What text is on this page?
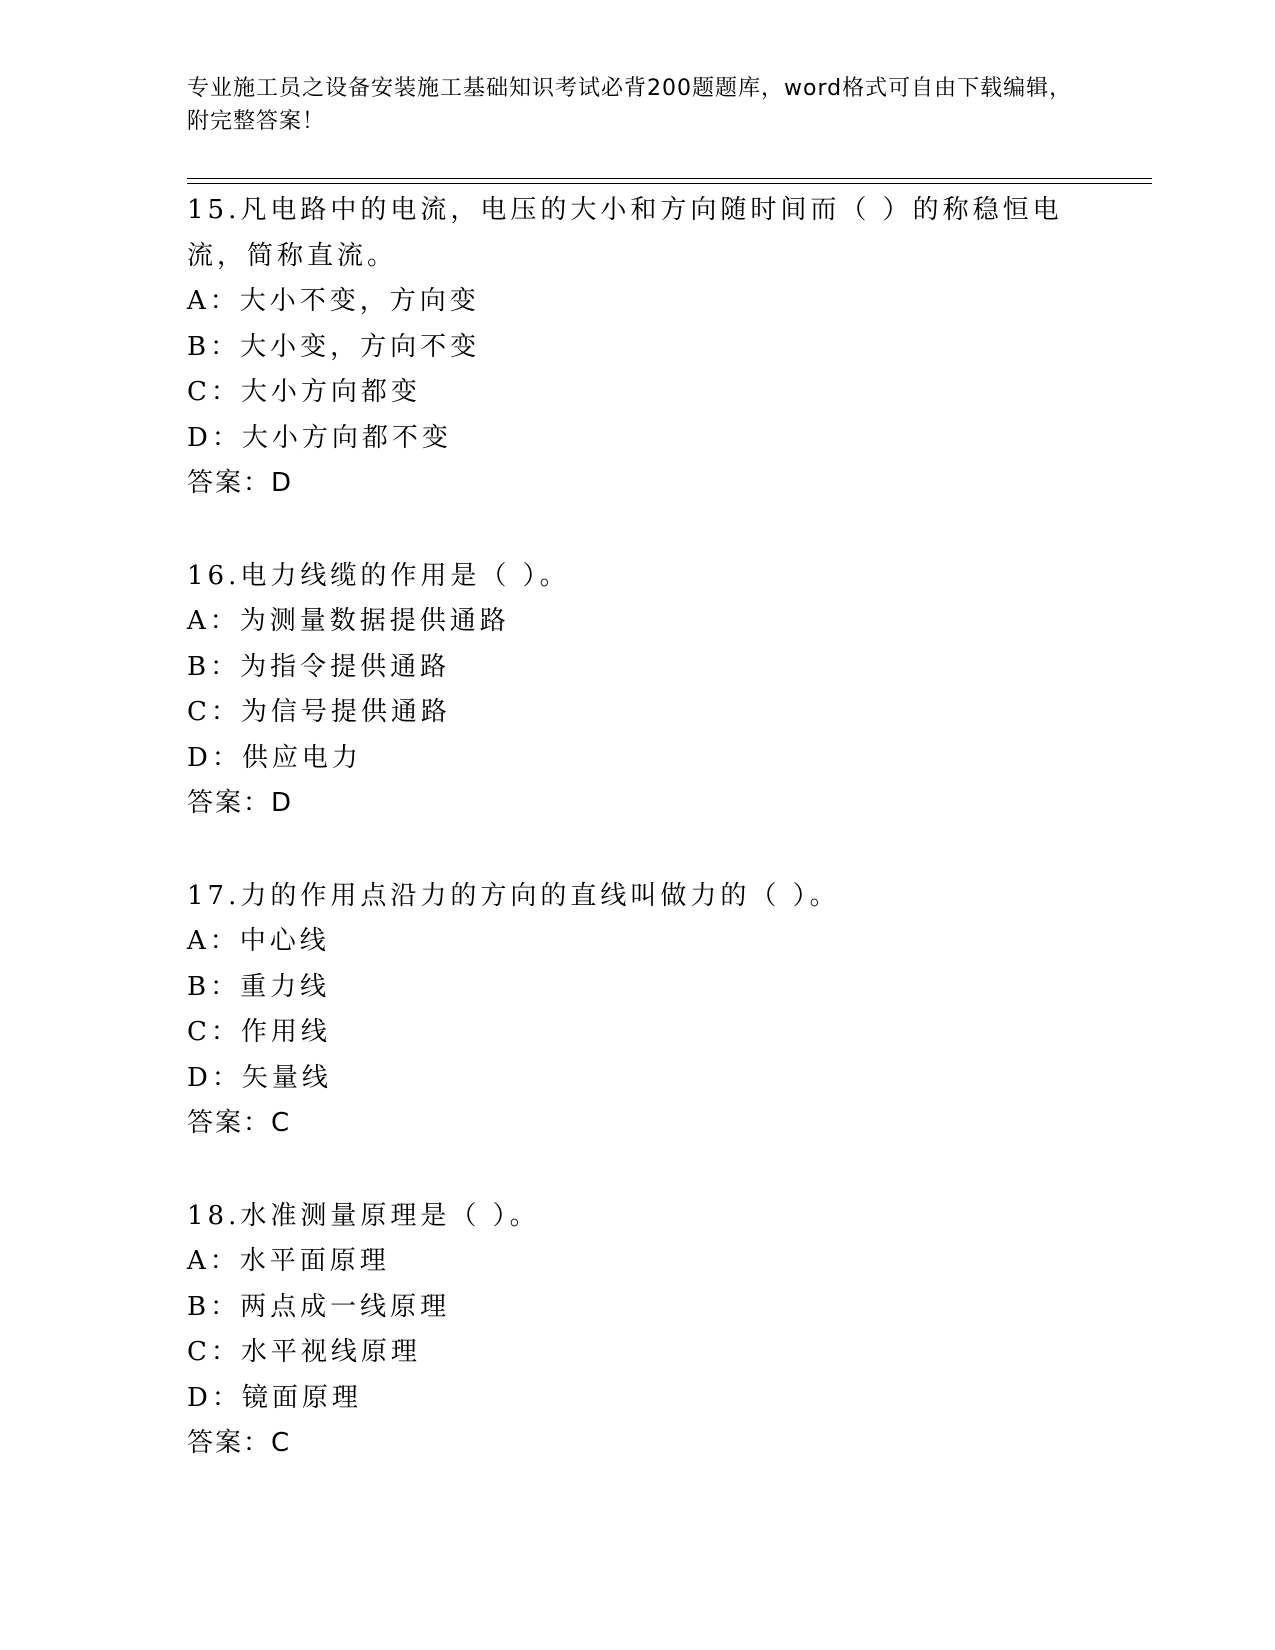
专业施工员之设备安装施工基础知识考试必背200题题库，word格式可自由下载编辑，附完整答案！
15.凡电路中的电流，电压的大小和方向随时间而（ ）的称稳恒电流，简称直流。
A：大小不变，方向变
B：大小变，方向不变
C：大小方向都变
D：大小方向都不变
答案：D
16.电力线缆的作用是（ ）。
A：为测量数据提供通路
B：为指令提供通路
C：为信号提供通路
D：供应电力
答案：D
17.力的作用点沿力的方向的直线叫做力的（ ）。
A：中心线
B：重力线
C：作用线
D：矢量线
答案：C
18.水准测量原理是（ ）。
A：水平面原理
B：两点成一线原理
C：水平视线原理
D：镜面原理
答案：C
